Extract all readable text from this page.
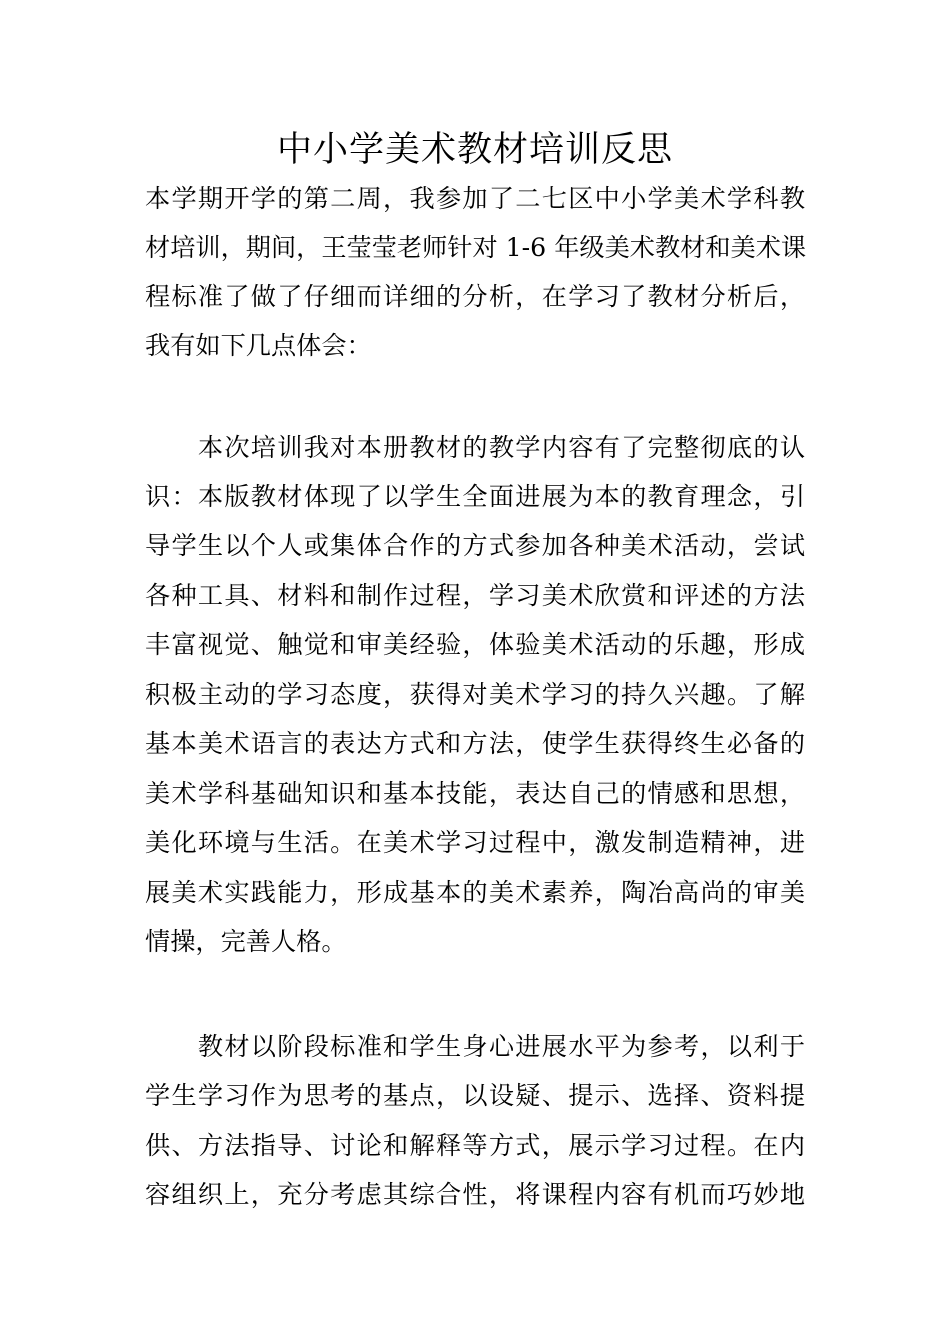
中小学美术教材培训反思
本学期开学的第二周，我参加了二七区中小学美术学科教
材培训，期间，王莹莹老师针对 1-6 年级美术教材和美术课
程标准了做了仔细而详细的分析，在学习了教材分析后，
我有如下几点体会：
　　本次培训我对本册教材的教学内容有了完整彻底的认
识：本版教材体现了以学生全面进展为本的教育理念，引
导学生以个人或集体合作的方式参加各种美术活动，尝试
各种工具、材料和制作过程，学习美术欣赏和评述的方法
丰富视觉、触觉和审美经验，体验美术活动的乐趣，形成
积极主动的学习态度，获得对美术学习的持久兴趣。了解
基本美术语言的表达方式和方法，使学生获得终生必备的
美术学科基础知识和基本技能，表达自己的情感和思想，
美化环境与生活。在美术学习过程中，激发制造精神，进
展美术实践能力，形成基本的美术素养，陶冶高尚的审美
情操，完善人格。
　　教材以阶段标准和学生身心进展水平为参考，以利于
学生学习作为思考的基点，以设疑、提示、选择、资料提
供、方法指导、讨论和解释等方式，展示学习过程。在内
容组织上，充分考虑其综合性，将课程内容有机而巧妙地
